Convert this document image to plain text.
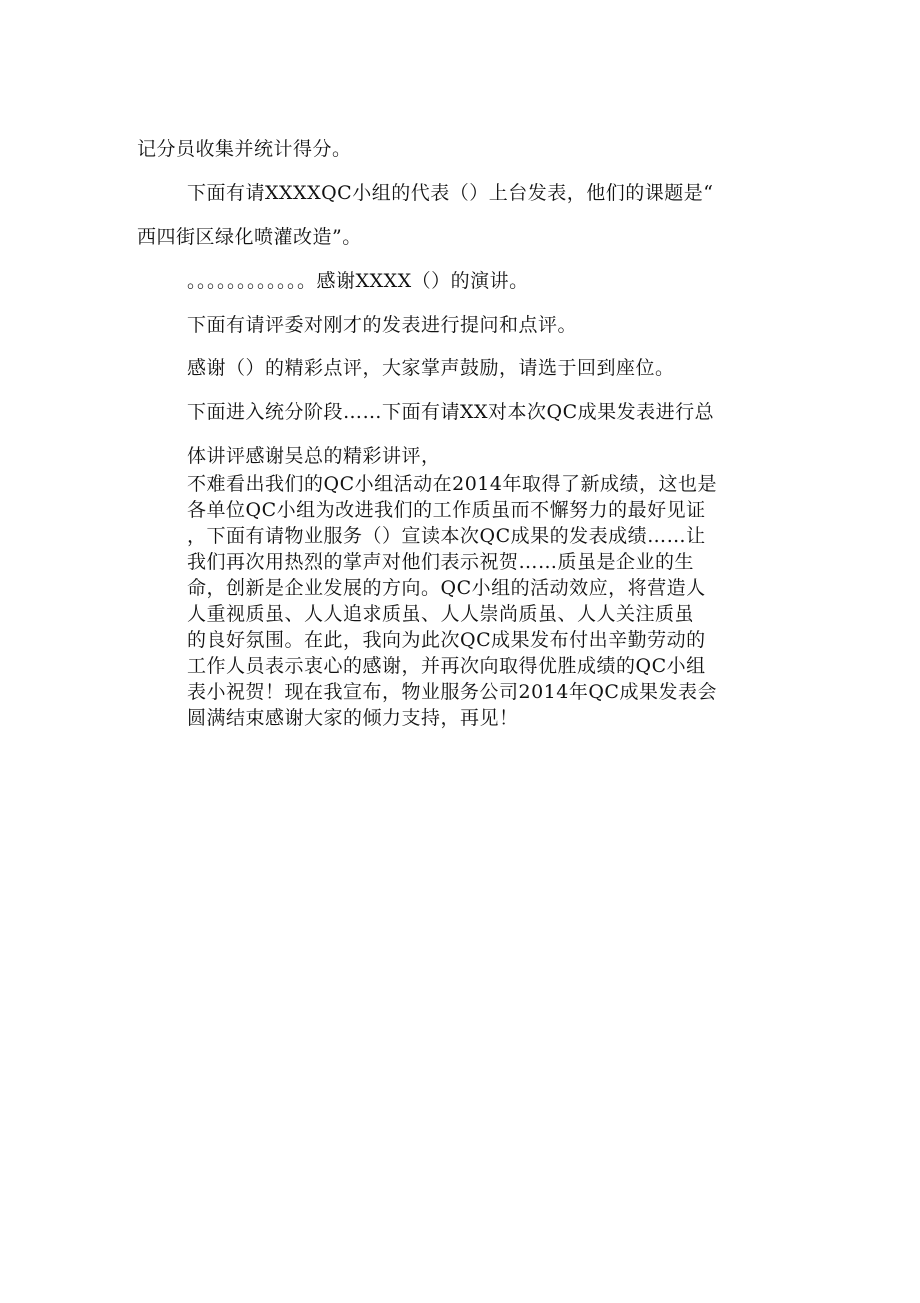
记分员收集并统计得分。
下面有请XXXXQC小组的代表（）上台发表，他们的课题是“
西四街区绿化喷灌改造”。
。。。。。。。。。。。。感谢XXXX（）的演讲。
下面有请评委对刚才的发表进行提问和点评。
感谢（）的精彩点评，大家掌声鼓励，请选于回到座位。
下面进入统分阶段……下面有请XX对本次QC成果发表进行总
体讲评感谢吴总的精彩讲评，
不难看出我们的QC小组活动在2014年取得了新成绩，这也是
各单位QC小组为改进我们的工作质虽而不懈努力的最好见证
，下面有请物业服务（）宣读本次QC成果的发表成绩……让
我们再次用热烈的掌声对他们表示祝贺……质虽是企业的生
命，创新是企业发展的方向。QC小组的活动效应，将营造人
人重视质虽、人人追求质虽、人人崇尚质虽、人人关注质虽
的良好氛围。在此，我向为此次QC成果发布付出辛勤劳动的
工作人员表示衷心的感谢，并再次向取得优胜成绩的QC小组
表小祝贺！现在我宣布，物业服务公司2014年QC成果发表会
圆满结束感谢大家的倾力支持，再见！
